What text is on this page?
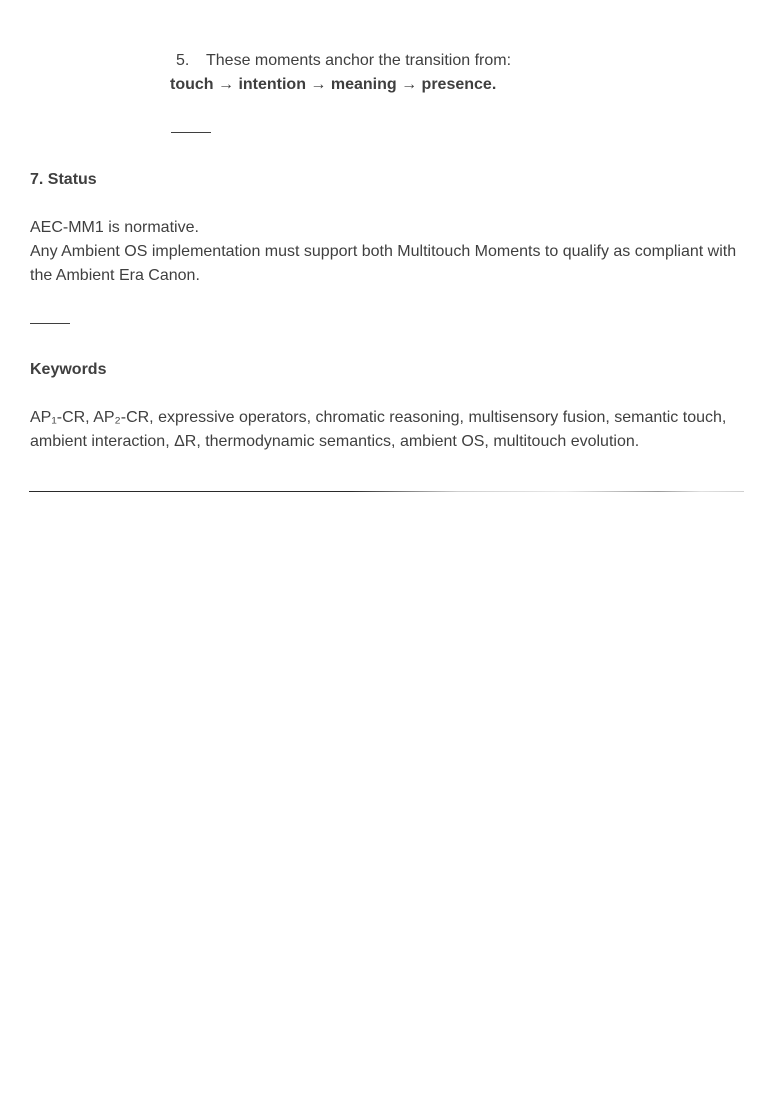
5. These moments anchor the transition from:
touch → intention → meaning → presence.
7. Status
AEC-MM1 is normative.
Any Ambient OS implementation must support both Multitouch Moments to qualify as compliant with the Ambient Era Canon.
Keywords
AP₁-CR, AP₂-CR, expressive operators, chromatic reasoning, multisensory fusion, semantic touch, ambient interaction, ΔR, thermodynamic semantics, ambient OS, multitouch evolution.
